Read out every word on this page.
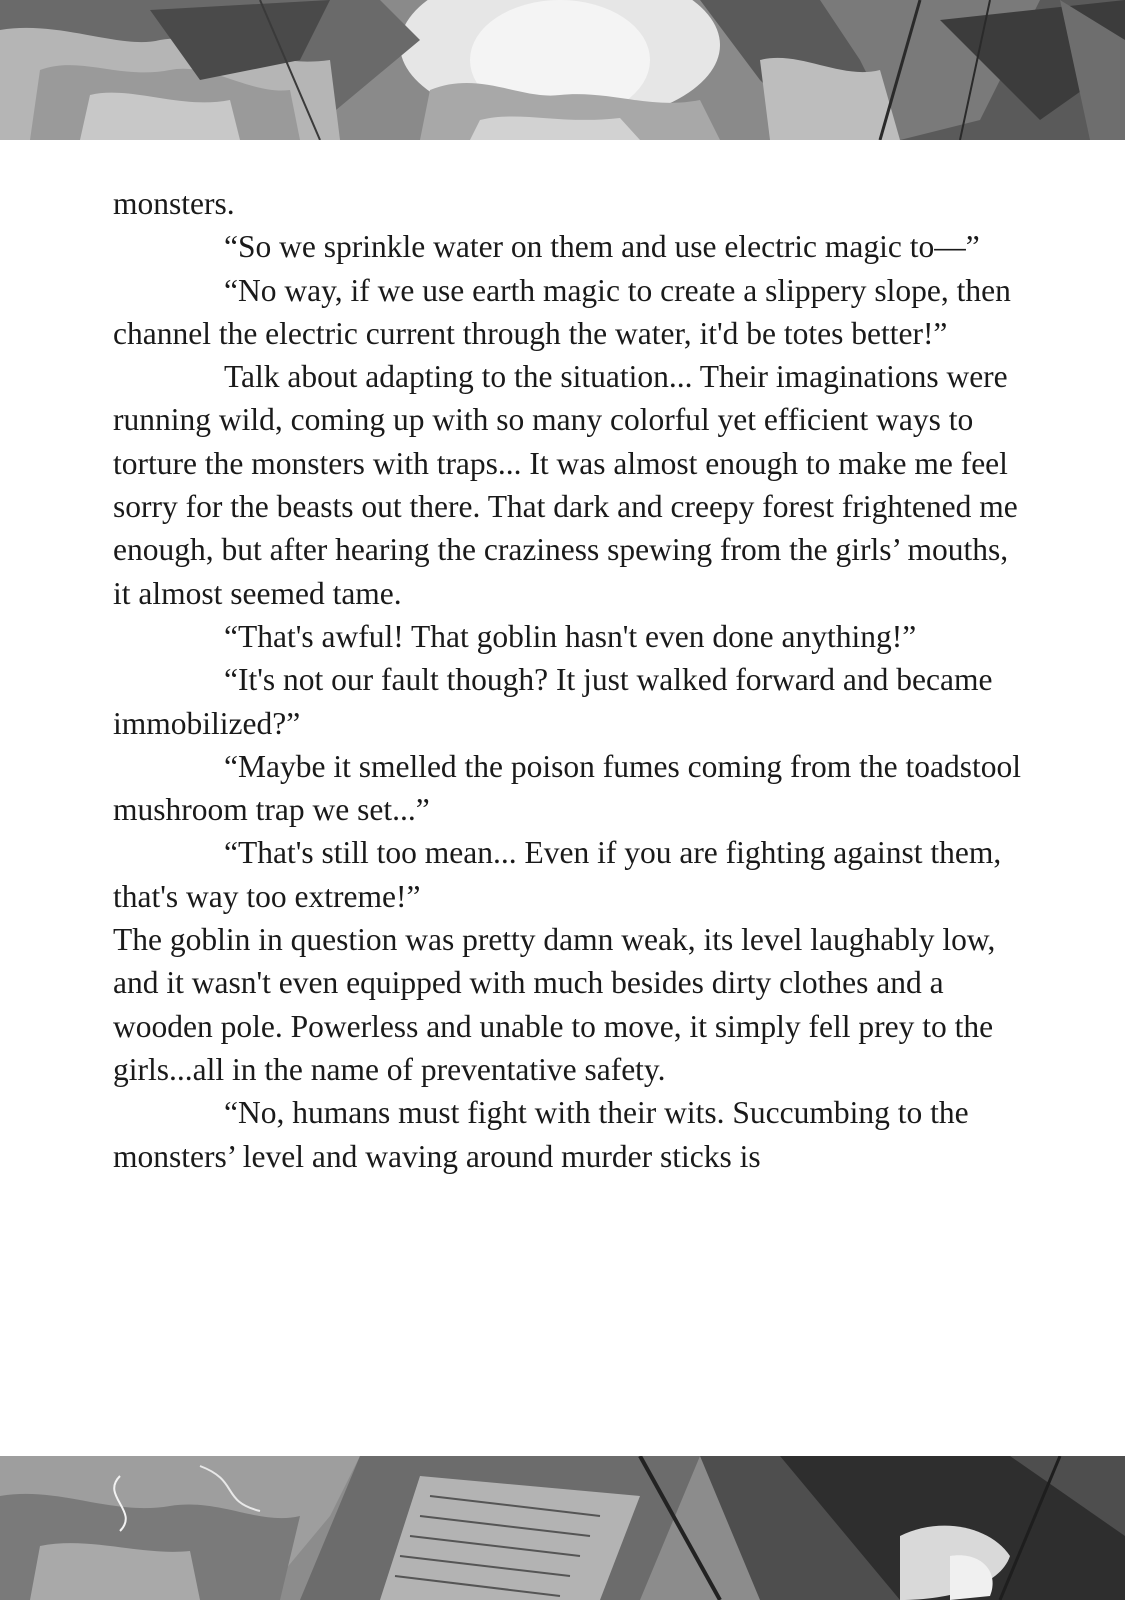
monsters.

“So we sprinkle water on them and use electric magic to—”

“No way, if we use earth magic to create a slippery slope, then channel the electric current through the water, it'd be totes better!”

Talk about adapting to the situation... Their imaginations were running wild, coming up with so many colorful yet efficient ways to torture the monsters with traps... It was almost enough to make me feel sorry for the beasts out there. That dark and creepy forest frightened me enough, but after hearing the craziness spewing from the girls’ mouths, it almost seemed tame.

“That's awful! That goblin hasn't even done anything!”

“It's not our fault though? It just walked forward and became immobilized?”

“Maybe it smelled the poison fumes coming from the toadstool mushroom trap we set...”

“That's still too mean... Even if you are fighting against them, that's way too extreme!”

The goblin in question was pretty damn weak, its level laughably low, and it wasn't even equipped with much besides dirty clothes and a wooden pole. Powerless and unable to move, it simply fell prey to the girls...all in the name of preventative safety.

“No, humans must fight with their wits. Succumbing to the monsters’ level and waving around murder sticks is
